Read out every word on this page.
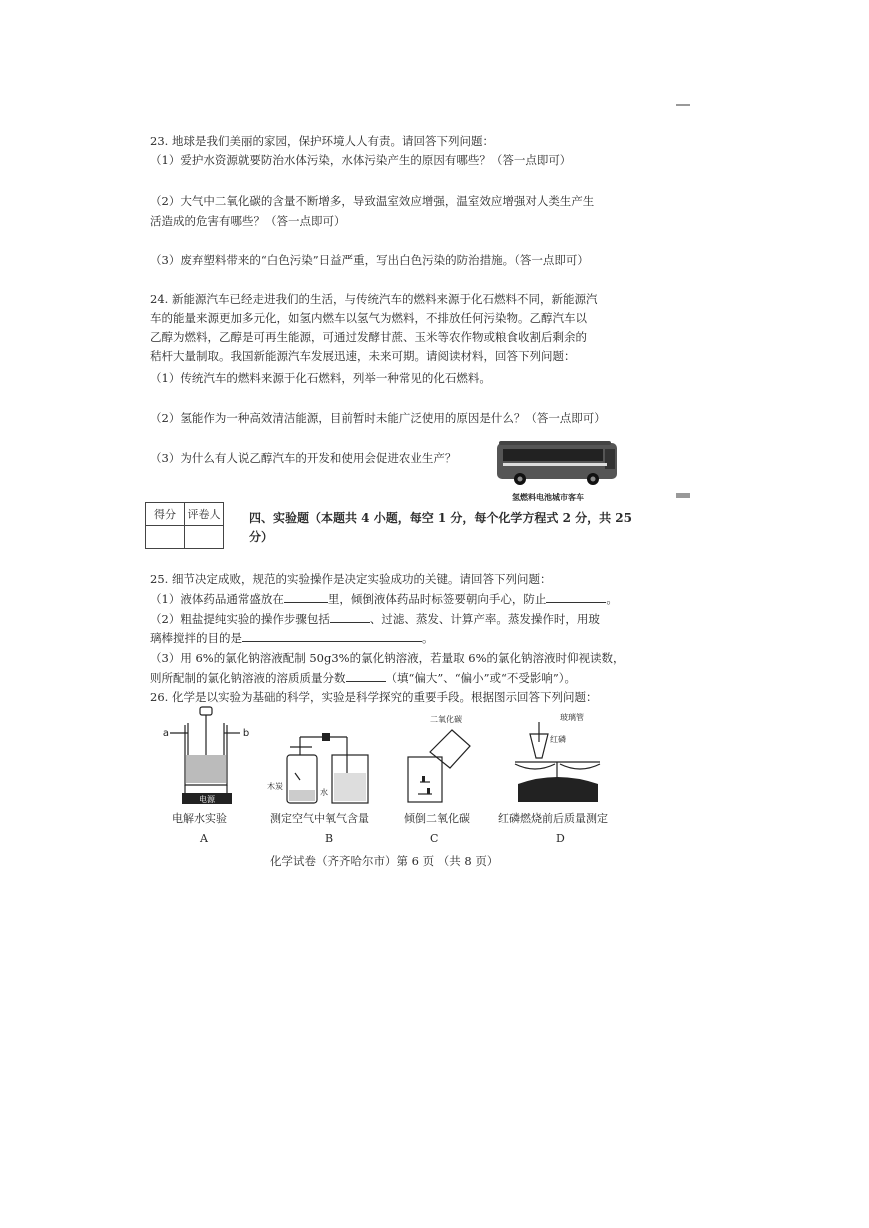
23. 地球是我们美丽的家园，保护环境人人有责。请回答下列问题：
（1）爱护水资源就要防治水体污染，水体污染产生的原因有哪些？（答一点即可）
（2）大气中二氧化碳的含量不断增多，导致温室效应增强，温室效应增强对人类生产生
活造成的危害有哪些？（答一点即可）
（3）废弃塑料带来的“白色污染”日益严重，写出白色污染的防治措施。（答一点即可）
24. 新能源汽车已经走进我们的生活，与传统汽车的燃料来源于化石燃料不同，新能源汽
车的能量来源更加多元化，如氢内燃车以氢气为燃料，不排放任何污染物。乙醇汽车以
乙醇为燃料，乙醇是可再生能源，可通过发酵甘蔗、玉米等农作物或粮食收割后剩余的
秸杆大量制取。我国新能源汽车发展迅速，未来可期。请阅读材料，回答下列问题：
（1）传统汽车的燃料来源于化石燃料，列举一种常见的化石燃料。
（2）氢能作为一种高效清洁能源，目前暂时未能广泛使用的原因是什么？（答一点即可）
（3）为什么有人说乙醇汽车的开发和使用会促进农业生产？
氢燃料电池城市客车
得分	评卷人
	四、实验题（本题共 4 小题，每空 1 分，每个化学方程式 2 分，共 25
分）
25. 细节决定成败，规范的实验操作是决定实验成功的关键。请回答下列问题：
（1）液体药品通常盛放在	里，倾倒液体药品时标签要朝向手心，防止	。
（2）粗盐提纯实验的操作步骤包括	、过滤、蒸发、计算产率。蒸发操作时，用玻
璃棒搅拌的目的是	。
（3）用 6%的氯化钠溶液配制 50g3%的氯化钠溶液，若量取 6%的氯化钠溶液时仰视读数，
则所配制的氯化钠溶液的溶质质量分数	（填“偏大”、“偏小”或“不受影响”）。
26. 化学是以实验为基础的科学，实验是科学探究的重要手段。根据图示回答下列问题：
a	b
电源
木炭
水
二氧化碳	玻璃管
红磷
电解水实验	测定空气中氧气含量	倾倒二氧化碳	红磷燃烧前后质量测定
A	B	C	D
化学试卷（齐齐哈尔市）第 6 页 （共 8 页）
